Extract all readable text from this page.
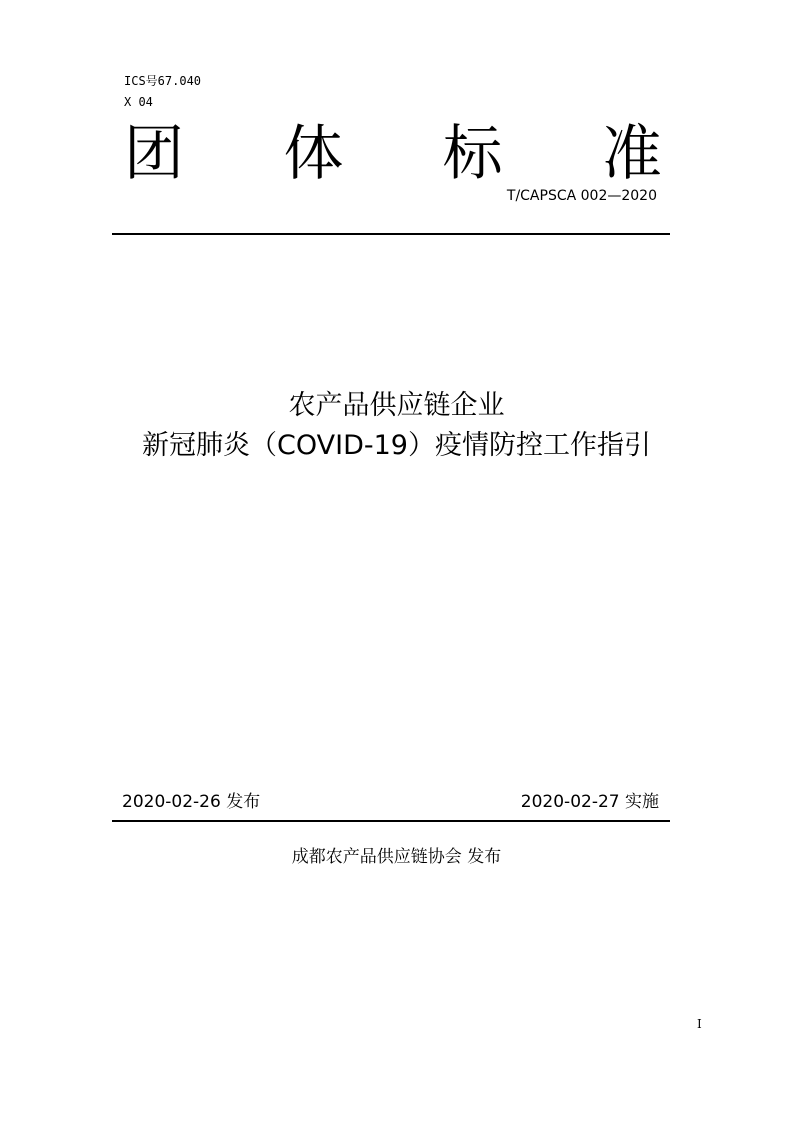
ICS号67.040
X 04
团 体 标 准
T/CAPSCA 002—2020
农产品供应链企业
新冠肺炎（COVID-19）疫情防控工作指引
2020-02-26 发布	2020-02-27 实施
成都农产品供应链协会 发布
I
